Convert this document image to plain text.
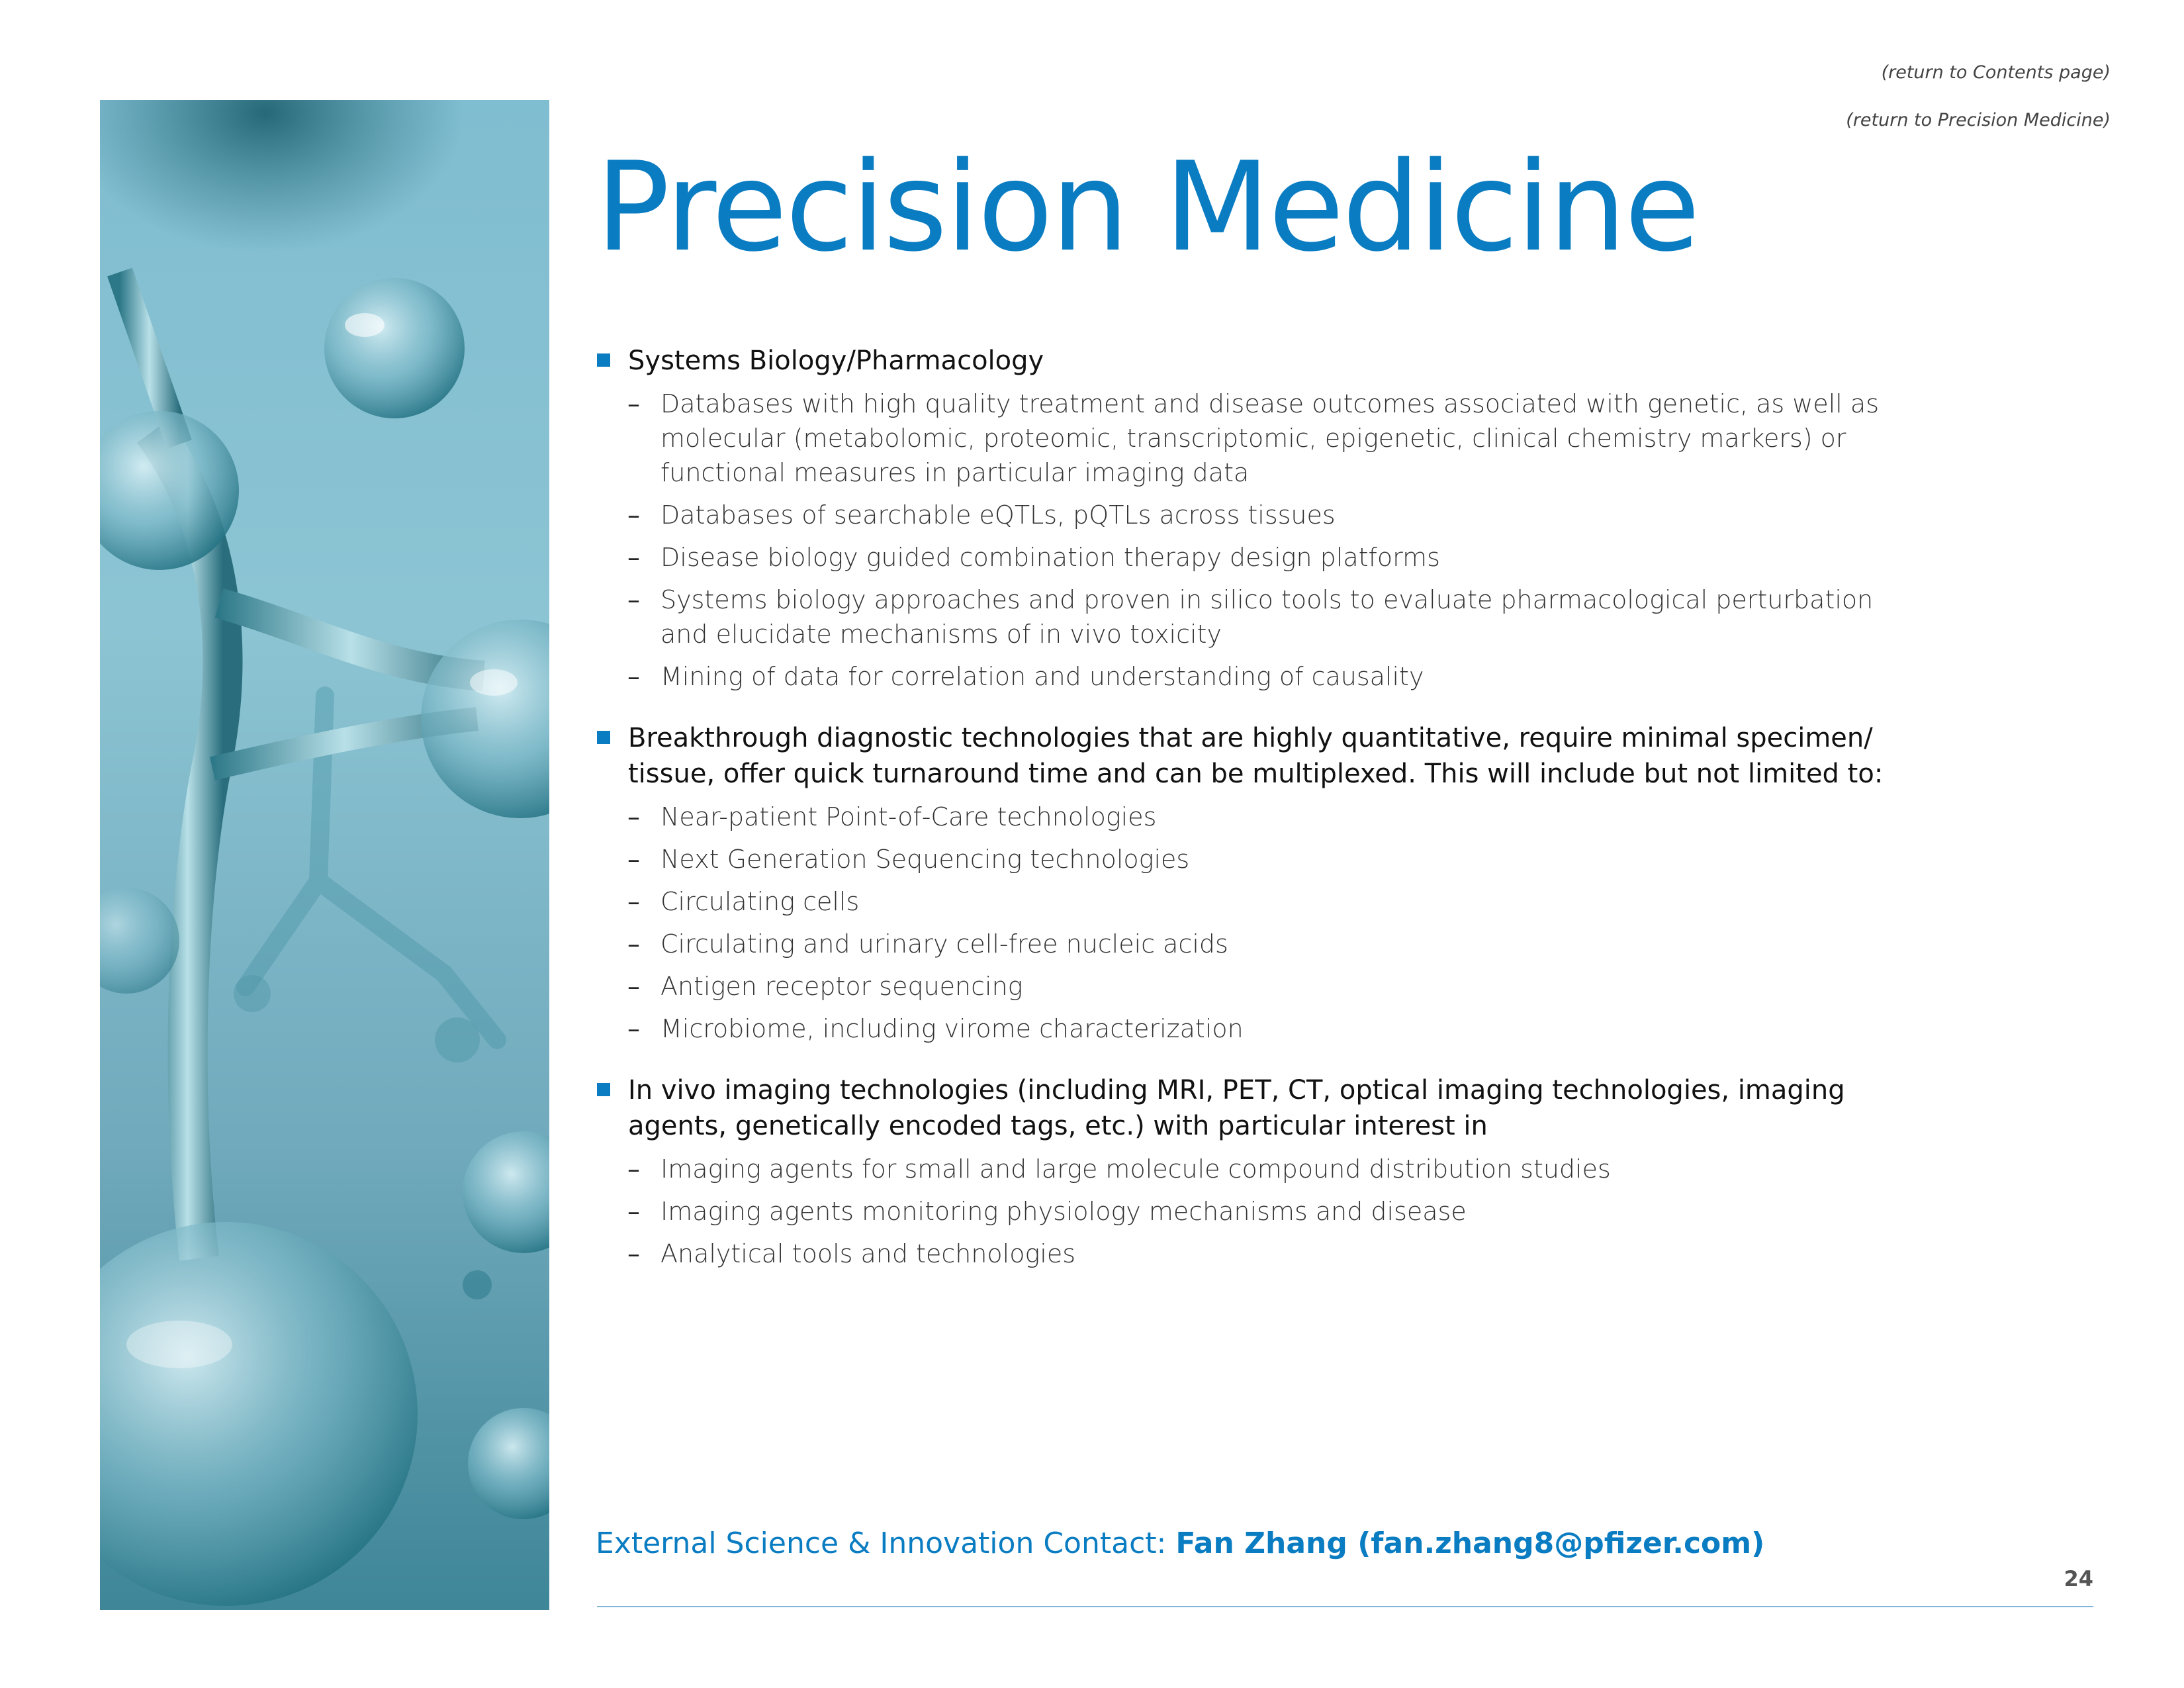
(return to Contents page)
(return to Precision Medicine)
Precision Medicine
Systems Biology/Pharmacology
– Databases with high quality treatment and disease outcomes associated with genetic, as well as molecular (metabolomic, proteomic, transcriptomic, epigenetic, clinical chemistry markers) or functional measures in particular imaging data
– Databases of searchable eQTLs, pQTLs across tissues
– Disease biology guided combination therapy design platforms
– Systems biology approaches and proven in silico tools to evaluate pharmacological perturbation and elucidate mechanisms of in vivo toxicity
– Mining of data for correlation and understanding of causality
Breakthrough diagnostic technologies that are highly quantitative, require minimal specimen/ tissue, offer quick turnaround time and can be multiplexed. This will include but not limited to:
– Near-patient Point-of-Care technologies
– Next Generation Sequencing technologies
– Circulating cells
– Circulating and urinary cell-free nucleic acids
– Antigen receptor sequencing
– Microbiome, including virome characterization
In vivo imaging technologies (including MRI, PET, CT, optical imaging technologies, imaging agents, genetically encoded tags, etc.) with particular interest in
– Imaging agents for small and large molecule compound distribution studies
– Imaging agents monitoring physiology mechanisms and disease
– Analytical tools and technologies
External Science & Innovation Contact: Fan Zhang (fan.zhang8@pfizer.com)
24
